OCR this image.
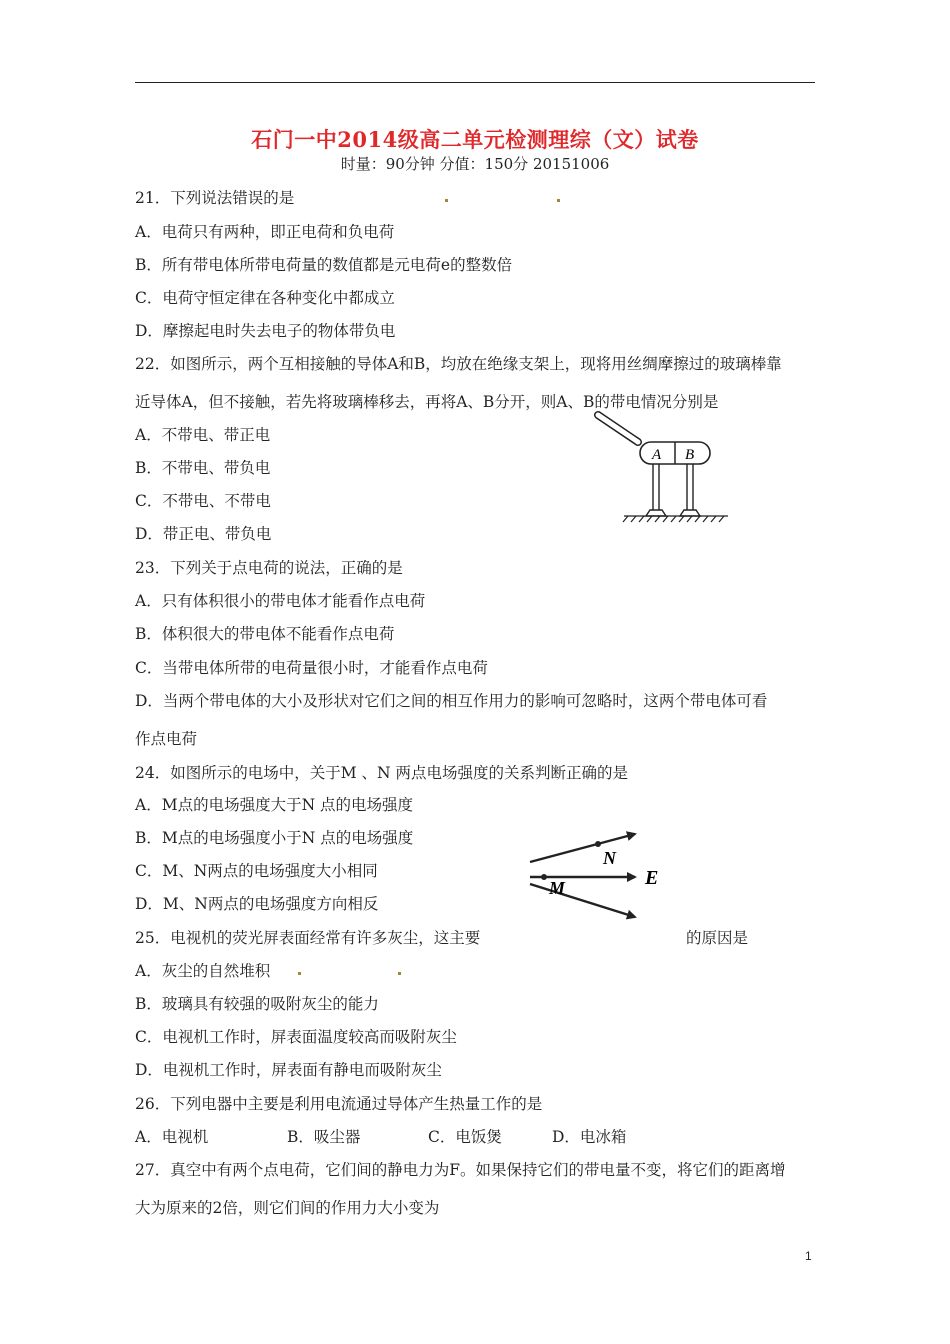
石门一中2014级高二单元检测理综（文）试卷
时量：90分钟 分值：150分 20151006
21．下列说法错误的是
A．电荷只有两种，即正电荷和负电荷
B．所有带电体所带电荷量的数值都是元电荷e的整数倍
C．电荷守恒定律在各种变化中都成立
D．摩擦起电时失去电子的物体带负电
22．如图所示，两个互相接触的导体A和B，均放在绝缘支架上，现将用丝绸摩擦过的玻璃棒靠
近导体A，但不接触，若先将玻璃棒移去，再将A、B分开，则A、B的带电情况分别是
A．不带电、带正电
B．不带电、带负电
C．不带电、不带电
D．带正电、带负电
A B
23．下列关于点电荷的说法，正确的是
A．只有体积很小的带电体才能看作点电荷
B．体积很大的带电体不能看作点电荷
C．当带电体所带的电荷量很小时，才能看作点电荷
D．当两个带电体的大小及形状对它们之间的相互作用力的影响可忽略时，这两个带电体可看
作点电荷
24．如图所示的电场中，关于M 、N 两点电场强度的关系判断正确的是
A．M点的电场强度大于N 点的电场强度
B．M点的电场强度小于N 点的电场强度
C．M、N两点的电场强度大小相同
D．M、N两点的电场强度方向相反
N
M	E
25．电视机的荧光屏表面经常有许多灰尘，这主要	的原因是
A．灰尘的自然堆积
B．玻璃具有较强的吸附灰尘的能力
C．电视机工作时，屏表面温度较高而吸附灰尘
D．电视机工作时，屏表面有静电而吸附灰尘
26．下列电器中主要是利用电流通过导体产生热量工作的是
A．电视机	B．吸尘器	C．电饭煲	D．电冰箱
27．真空中有两个点电荷，它们间的静电力为F。如果保持它们的带电量不变，将它们的距离增
大为原来的2倍，则它们间的作用力大小变为
1
